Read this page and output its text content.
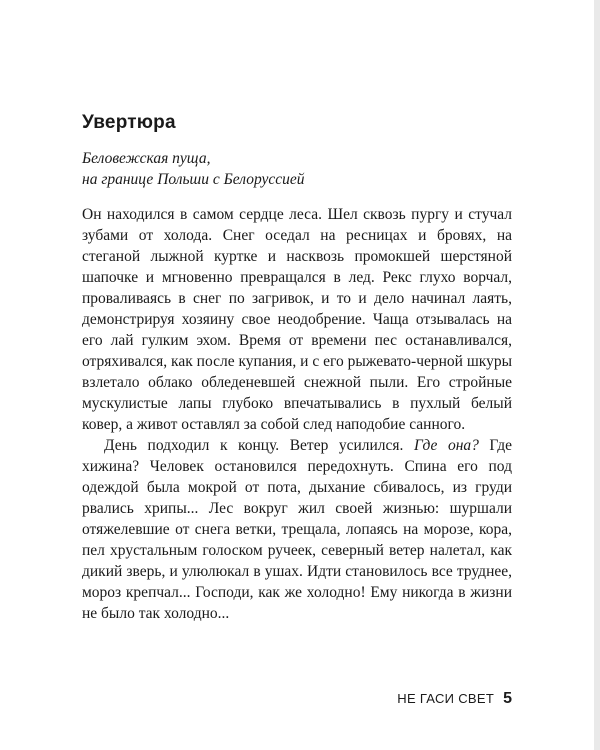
Увертюра
Беловежская пуща,
на границе Польши с Белоруссией

Он находился в самом сердце леса. Шел сквозь пургу и стучал зубами от холода. Снег оседал на ресницах и бровях, на стеганой лыжной куртке и насквозь промокшей шерстяной шапочке и мгновенно превращался в лед. Рекс глухо ворчал, проваливаясь в снег по загривок, и то и дело начинал лаять, демонстрируя хозяину свое неодобрение. Чаща отзывалась на его лай гулким эхом. Время от времени пес останавливался, отряхивался, как после купания, и с его рыжевато-черной шкуры взлетало облако обледеневшей снежной пыли. Его стройные мускулистые лапы глубоко впечатывались в пухлый белый ковер, а живот оставлял за собой след наподобие санного.

День подходил к концу. Ветер усилился. Где она? Где хижина? Человек остановился передохнуть. Спина его под одеждой была мокрой от пота, дыхание сбивалось, из груди рвались хрипы... Лес вокруг жил своей жизнью: шуршали отяжелевшие от снега ветки, трещала, лопаясь на морозе, кора, пел хрустальным голоском ручеек, северный ветер налетал, как дикий зверь, и улюлюкал в ушах. Идти становилось все труднее, мороз крепчал... Господи, как же холодно! Ему никогда в жизни не было так холодно...

НЕ ГАСИ СВЕТ 5
